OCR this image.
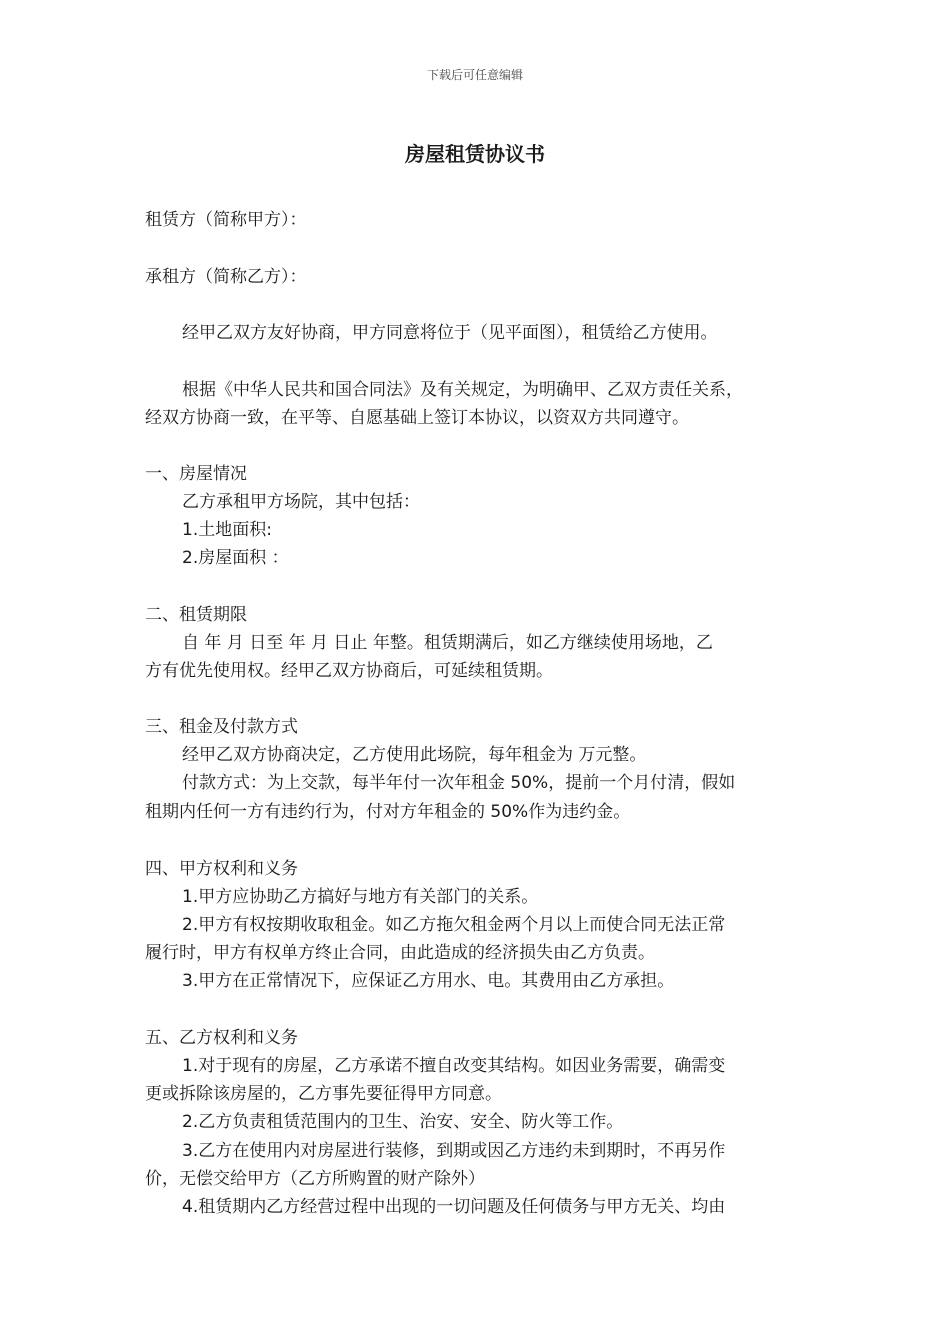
下载后可任意编辑
房屋租赁协议书
租赁方（简称甲方）：
承租方（简称乙方）：
经甲乙双方友好协商，甲方同意将位于（见平面图），租赁给乙方使用。
根据《中华人民共和国合同法》及有关规定，为明确甲、乙双方责任关系，
经双方协商一致，在平等、自愿基础上签订本协议，以资双方共同遵守。
一、房屋情况
乙方承租甲方场院，其中包括：
1.土地面积:
2.房屋面积 ：
二、租赁期限
自 年 月 日至 年 月 日止 年整。租赁期满后，如乙方继续使用场地，乙
方有优先使用权。经甲乙双方协商后，可延续租赁期。
三、租金及付款方式
经甲乙双方协商决定，乙方使用此场院，每年租金为 万元整。
付款方式：为上交款，每半年付一次年租金 50%，提前一个月付清，假如
租期内任何一方有违约行为，付对方年租金的 50%作为违约金。
四、甲方权利和义务
1.甲方应协助乙方搞好与地方有关部门的关系。
2.甲方有权按期收取租金。如乙方拖欠租金两个月以上而使合同无法正常
履行时，甲方有权单方终止合同，由此造成的经济损失由乙方负责。
3.甲方在正常情况下，应保证乙方用水、电。其费用由乙方承担。
五、乙方权利和义务
1.对于现有的房屋，乙方承诺不擅自改变其结构。如因业务需要，确需变
更或拆除该房屋的，乙方事先要征得甲方同意。
2.乙方负责租赁范围内的卫生、治安、安全、防火等工作。
3.乙方在使用内对房屋进行装修，到期或因乙方违约未到期时，不再另作
价，无偿交给甲方（乙方所购置的财产除外）
4.租赁期内乙方经营过程中出现的一切问题及任何债务与甲方无关、均由
